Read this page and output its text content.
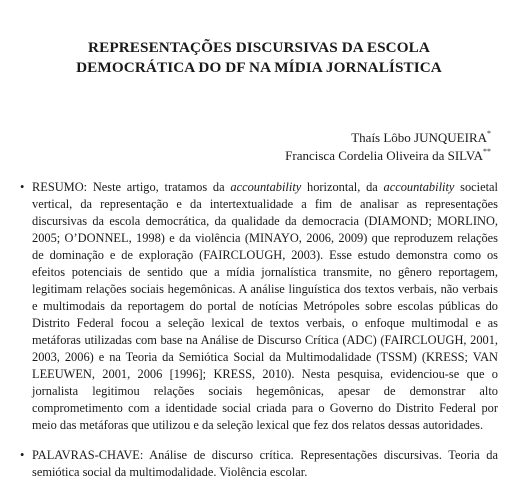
REPRESENTAÇÕES DISCURSIVAS DA ESCOLA
DEMOCRÁTICA DO DF NA MÍDIA JORNALÍSTICA
Thaís Lôbo JUNQUEIRA*
Francisca Cordelia Oliveira da SILVA**
• RESUMO: Neste artigo, tratamos da accountability horizontal, da accountability societal vertical, da representação e da intertextualidade a fim de analisar as representações discursivas da escola democrática, da qualidade da democracia (DIAMOND; MORLINO, 2005; O’DONNEL, 1998) e da violência (MINAYO, 2006, 2009) que reproduzem relações de dominação e de exploração (FAIRCLOUGH, 2003). Esse estudo demonstra como os efeitos potenciais de sentido que a mídia jornalística transmite, no gênero reportagem, legitimam relações sociais hegemônicas. A análise linguística dos textos verbais, não verbais e multimodais da reportagem do portal de notícias Metrópoles sobre escolas públicas do Distrito Federal focou a seleção lexical de textos verbais, o enfoque multimodal e as metáforas utilizadas com base na Análise de Discurso Crítica (ADC) (FAIRCLOUGH, 2001, 2003, 2006) e na Teoria da Semiótica Social da Multimodalidade (TSSM) (KRESS; VAN LEEUWEN, 2001, 2006 [1996]; KRESS, 2010). Nesta pesquisa, evidenciou-se que o jornalista legitimou relações sociais hegemônicas, apesar de demonstrar alto comprometimento com a identidade social criada para o Governo do Distrito Federal por meio das metáforas que utilizou e da seleção lexical que fez dos relatos dessas autoridades.
• PALAVRAS-CHAVE: Análise de discurso crítica. Representações discursivas. Teoria da semiótica social da multimodalidade. Violência escolar.
